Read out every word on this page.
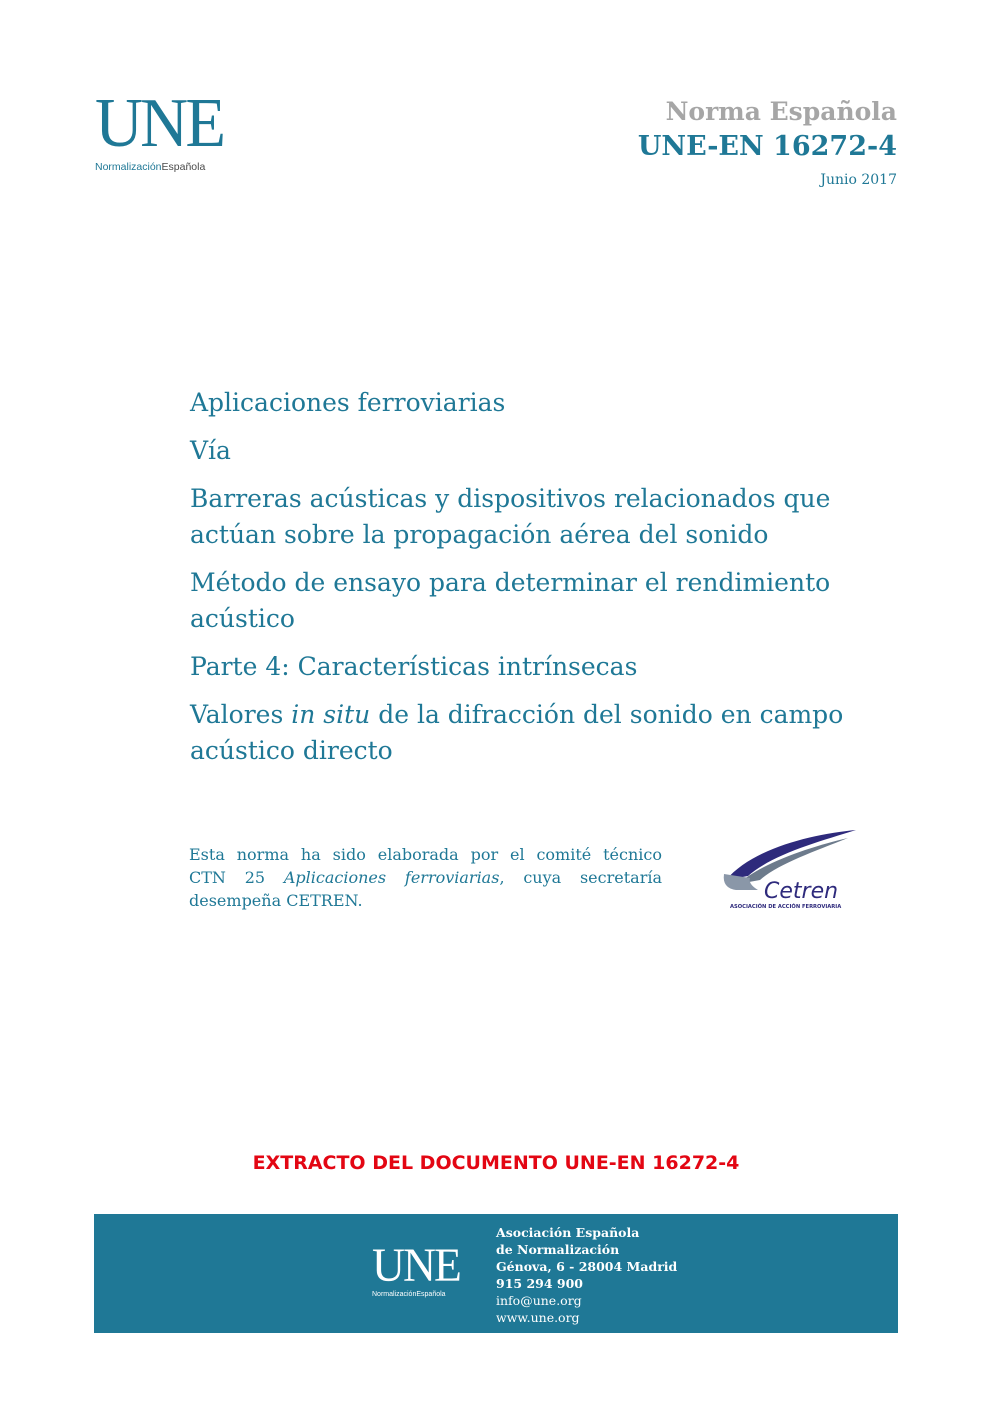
UNE
NormalizaciónEspañola
Norma Española
UNE-EN 16272-4
Junio 2017

Aplicaciones ferroviarias

Vía

Barreras acústicas y dispositivos relacionados que
actúan sobre la propagación aérea del sonido

Método de ensayo para determinar el rendimiento
acústico

Parte 4: Características intrínsecas

Valores in situ de la difracción del sonido en campo
acústico directo

Esta norma ha sido elaborada por el comité técnico
CTN 25 Aplicaciones ferroviarias, cuya secretaría
desempeña CETREN.	Cetren
ASOCIACIÓN DE ACCIÓN FERROVIARIA
EXTRACTO DEL DOCUMENTO UNE-EN 16272-4
UNE
NormalizaciónEspañola
Asociación Española
de Normalización
Génova, 6 - 28004 Madrid
915 294 900
info@une.org
www.une.org
